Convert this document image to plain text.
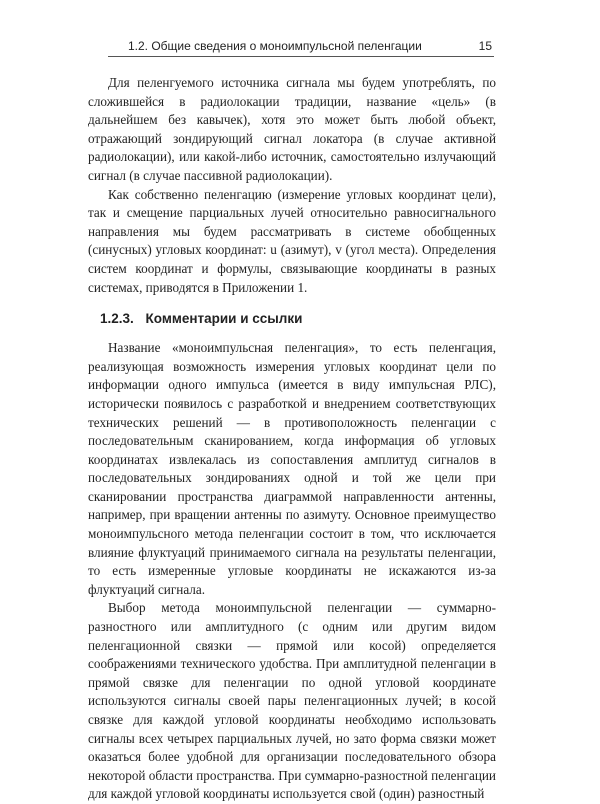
1.2. Общие сведения о моноимпульсной пеленгации	15

Для пеленгуемого источника сигнала мы будем употреблять, по сложившейся в радиолокации традиции, название «цель» (в дальнейшем без кавычек), хотя это может быть любой объект, отражающий зондирующий сигнал локатора (в случае активной радиолокации), или какой-либо источник, самостоятельно излучающий сигнал (в случае пассивной радиолокации).

Как собственно пеленгацию (измерение угловых координат цели), так и смещение парциальных лучей относительно равносигнального направления мы будем рассматривать в системе обобщенных (синусных) угловых координат: u (азимут), v (угол места). Определения систем координат и формулы, связывающие координаты в разных системах, приводятся в Приложении 1.

1.2.3. Комментарии и ссылки

Название «моноимпульсная пеленгация», то есть пеленгация, реализующая возможность измерения угловых координат цели по информации одного импульса (имеется в виду импульсная РЛС), исторически появилось с разработкой и внедрением соответствующих технических решений — в противоположность пеленгации с последовательным сканированием, когда информация об угловых координатах извлекалась из сопоставления амплитуд сигналов в последовательных зондированиях одной и той же цели при сканировании пространства диаграммой направленности антенны, например, при вращении антенны по азимуту. Основное преимущество моноимпульсного метода пеленгации состоит в том, что исключается влияние флуктуаций принимаемого сигнала на результаты пеленгации, то есть измеренные угловые координаты не искажаются из-за флуктуаций сигнала.

Выбор метода моноимпульсной пеленгации — суммарно-разностного или амплитудного (с одним или другим видом пеленгационной связки — прямой или косой) определяется соображениями технического удобства. При амплитудной пеленгации в прямой связке для пеленгации по одной угловой координате используются сигналы своей пары пеленгационных лучей; в косой связке для каждой угловой координаты необходимо использовать сигналы всех четырех парциальных лучей, но зато форма связки может оказаться более удобной для организации последовательного обзора некоторой области пространства. При суммарно-разностной пеленгации для каждой угловой координаты используется свой (один) разностный
